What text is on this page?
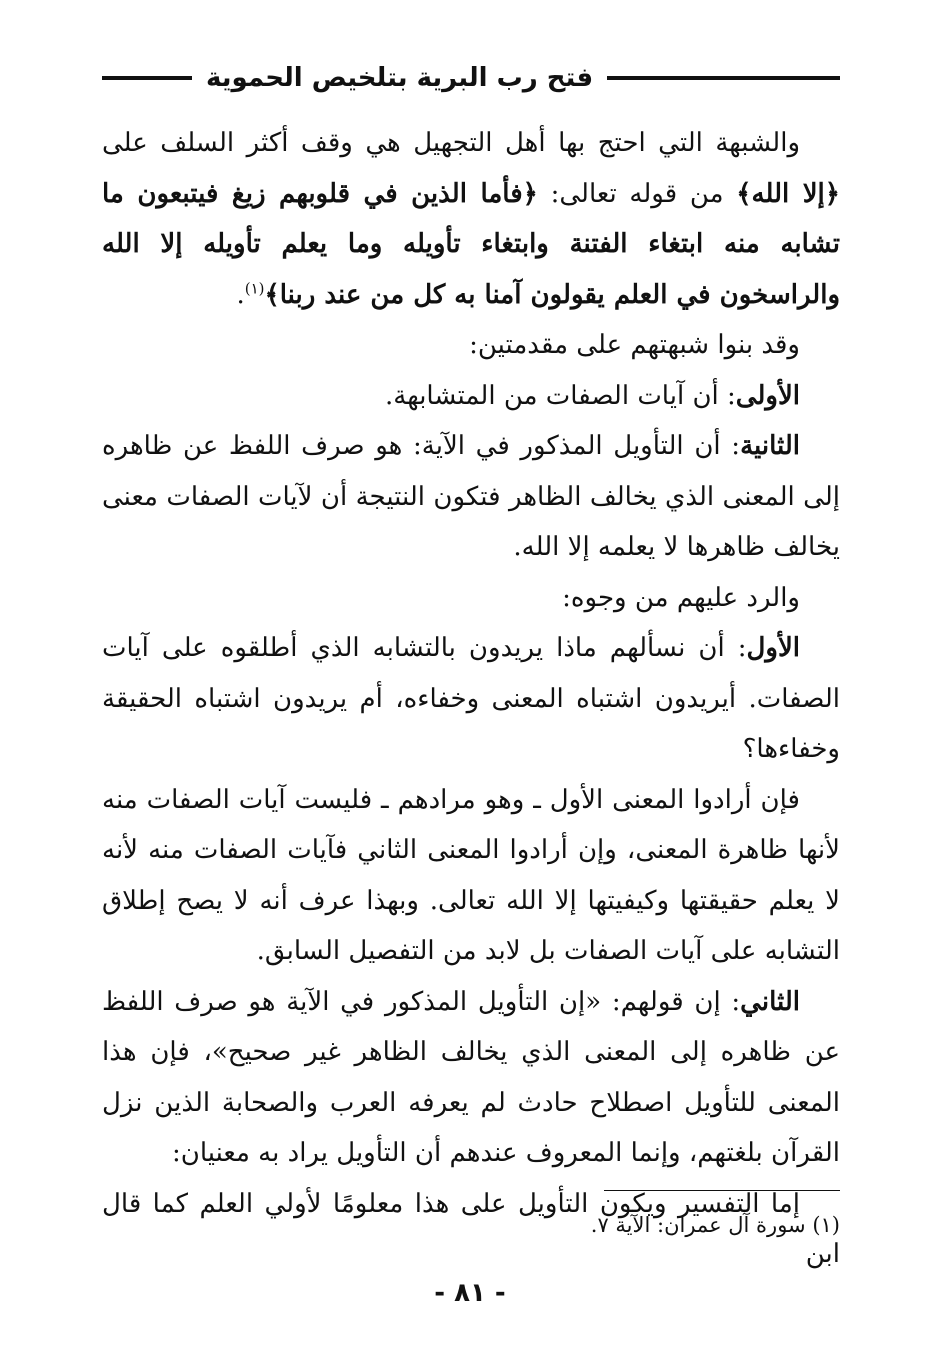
فتح رب البرية بتلخيص الحموية

والشبهة التي احتج بها أهل التجهيل هي وقف أكثر السلف على ﴿إلا الله﴾ من قوله تعالى: ﴿فأما الذين في قلوبهم زيغ فيتبعون ما تشابه منه ابتغاء الفتنة وابتغاء تأويله وما يعلم تأويله إلا الله والراسخون في العلم يقولون آمنا به كل من عند ربنا﴾$^{(١)}$.

وقد بنوا شبهتهم على مقدمتين:

الأولى: أن آيات الصفات من المتشابهة.

الثانية: أن التأويل المذكور في الآية: هو صرف اللفظ عن ظاهره إلى المعنى الذي يخالف الظاهر فتكون النتيجة أن لآيات الصفات معنى يخالف ظاهرها لا يعلمه إلا الله.

والرد عليهم من وجوه:

الأول: أن نسألهم ماذا يريدون بالتشابه الذي أطلقوه على آيات الصفات. أيريدون اشتباه المعنى وخفاءه، أم يريدون اشتباه الحقيقة وخفاءها؟

فإن أرادوا المعنى الأول ـ وهو مرادهم ـ فليست آيات الصفات منه لأنها ظاهرة المعنى، وإن أرادوا المعنى الثاني فآيات الصفات منه لأنه لا يعلم حقيقتها وكيفيتها إلا الله تعالى. وبهذا عرف أنه لا يصح إطلاق التشابه على آيات الصفات بل لابد من التفصيل السابق.

الثاني: إن قولهم: «إن التأويل المذكور في الآية هو صرف اللفظ عن ظاهره إلى المعنى الذي يخالف الظاهر غير صحيح»، فإن هذا المعنى للتأويل اصطلاح حادث لم يعرفه العرب والصحابة الذين نزل القرآن بلغتهم، وإنما المعروف عندهم أن التأويل يراد به معنيان:

إما التفسير ويكون التأويل على هذا معلومًا لأولي العلم كما قال ابن

(١) سورة آل عمران: الآية ٧.
- ٨١ -
